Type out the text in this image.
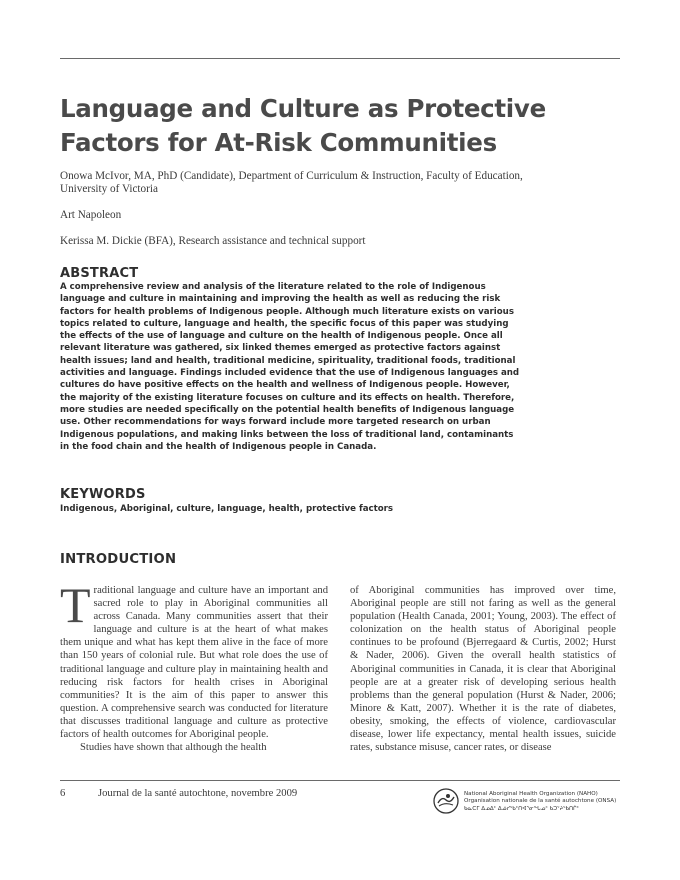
Language and Culture as Protective Factors for At-Risk Communities

Onowa McIvor, MA, PhD (Candidate), Department of Curriculum & Instruction, Faculty of Education, University of Victoria

Art Napoleon

Kerissa M. Dickie (BFA), Research assistance and technical support

ABSTRACT

A comprehensive review and analysis of the literature related to the role of Indigenous language and culture in maintaining and improving the health as well as reducing the risk factors for health problems of Indigenous people. Although much literature exists on various topics related to culture, language and health, the specific focus of this paper was studying the effects of the use of language and culture on the health of Indigenous people. Once all relevant literature was gathered, six linked themes emerged as protective factors against health issues; land and health, traditional medicine, spirituality, traditional foods, traditional activities and language. Findings included evidence that the use of Indigenous languages and cultures do have positive effects on the health and wellness of Indigenous people. However, the majority of the existing literature focuses on culture and its effects on health. Therefore, more studies are needed specifically on the potential health benefits of Indigenous language use. Other recommendations for ways forward include more targeted research on urban Indigenous populations, and making links between the loss of traditional land, contaminants in the food chain and the health of Indigenous people in Canada.

KEYWORDS

Indigenous, Aboriginal, culture, language, health, protective factors

INTRODUCTION
T raditional language and culture have an important and sacred role to play in Aboriginal communities all across Canada. Many communities assert that their language and culture is at the heart of what makes them unique and what has kept them alive in the face of more than 150 years of colonial rule. But what role does the use of traditional language and culture play in maintaining health and reducing risk factors for health crises in Aboriginal communities? It is the aim of this paper to answer this question. A comprehensive search was conducted for literature that discusses traditional language and culture as protective factors of health outcomes for Aboriginal people.
Studies have shown that although the health
of Aboriginal communities has improved over time, Aboriginal people are still not faring as well as the general population (Health Canada, 2001; Young, 2003). The effect of colonization on the health status of Aboriginal people continues to be profound (Bjerregaard & Curtis, 2002; Hurst & Nader, 2006). Given the overall health statistics of Aboriginal communities in Canada, it is clear that Aboriginal people are at a greater risk of developing serious health problems than the general population (Hurst & Nader, 2006; Minore & Katt, 2007). Whether it is the rate of diabetes, obesity, smoking, the effects of violence, cardiovascular disease, lower life expectancy, mental health issues, suicide rates, substance misuse, cancer rates, or disease

6	Journal de la santé autochtone, novembre 2009	National Aboriginal Health Organization (NAHO)
Organisation nationale de la santé autochtone (ONSA)
ᑲᓇᑕᒥ ᐃᓄᐃᑦ ᐃᓅᓯᖃᑦᑎᐊᕐᓂᖓᓄᑦ ᑲᑐᔾᔨᖃᑎᒌᑦ
